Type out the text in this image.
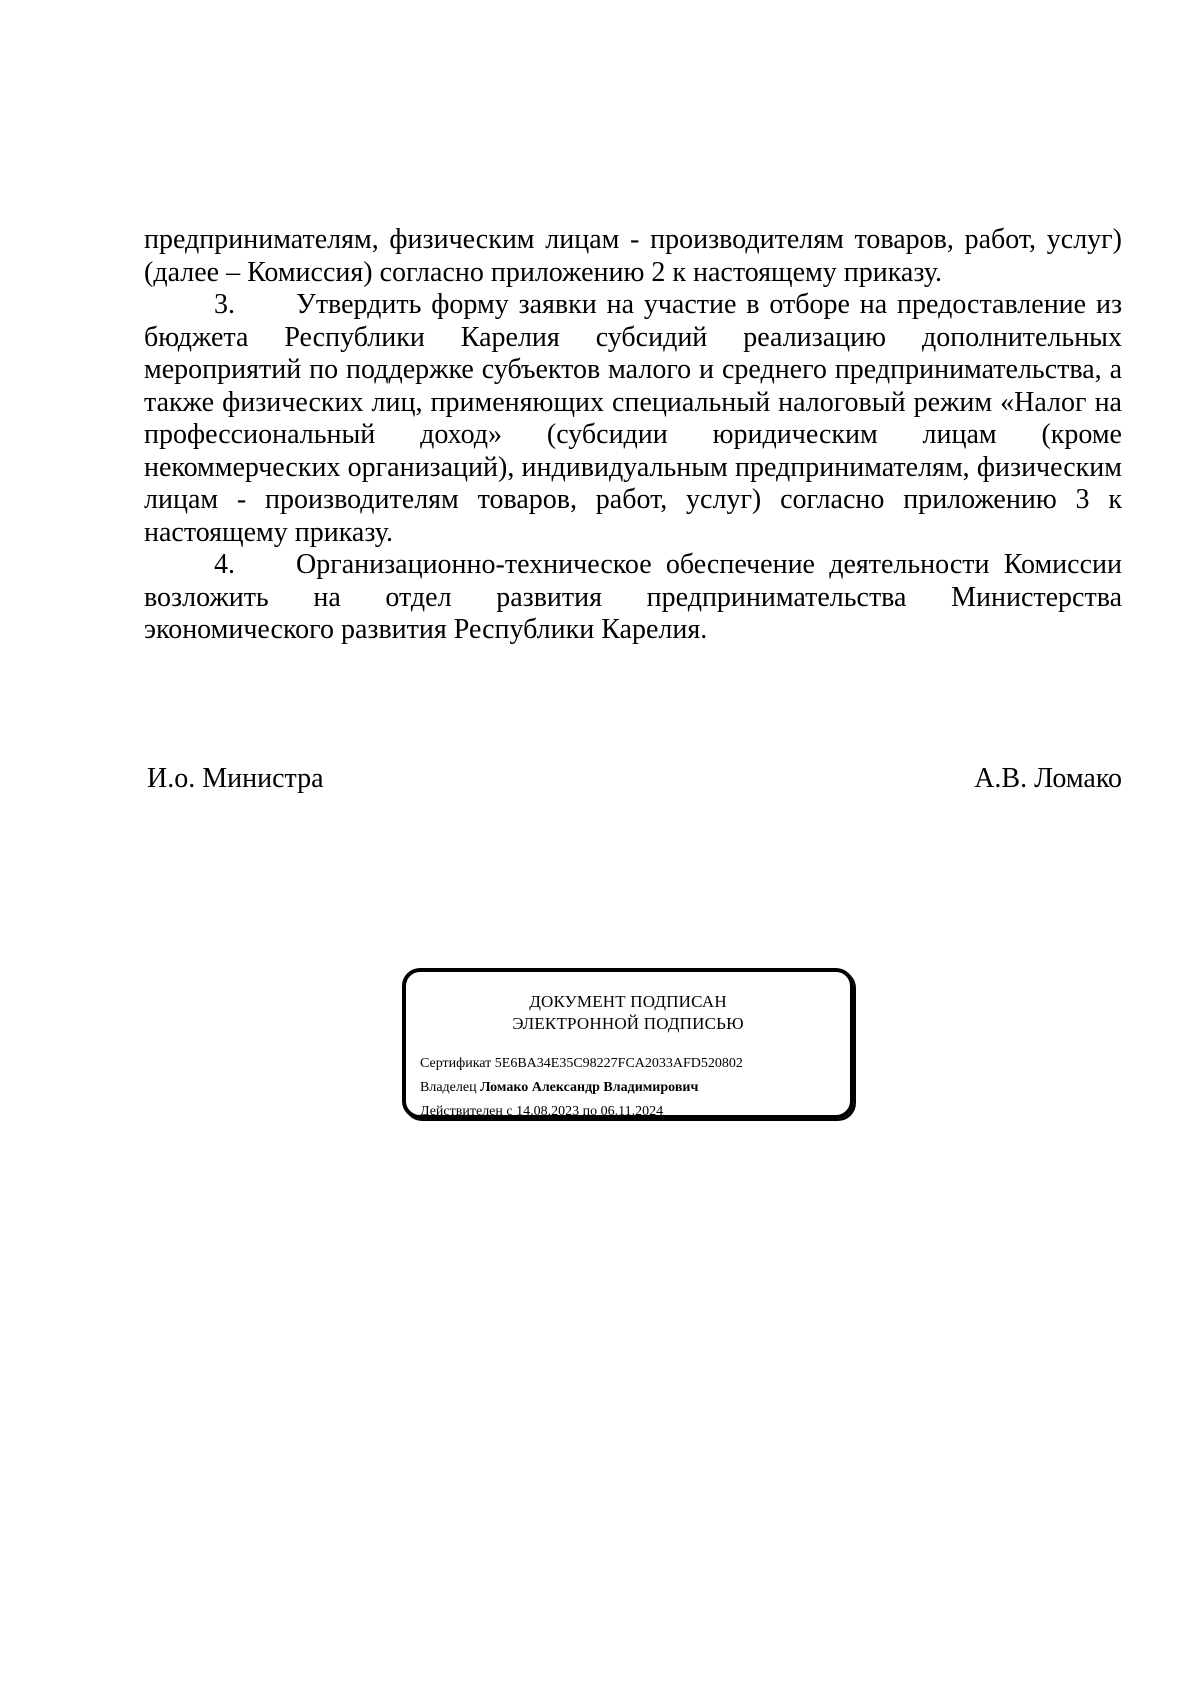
предпринимателям, физическим лицам - производителям товаров, работ, услуг) (далее – Комиссия) согласно приложению 2 к настоящему приказу.

3. Утвердить форму заявки на участие в отборе на предоставление из бюджета Республики Карелия субсидий реализацию дополнительных мероприятий по поддержке субъектов малого и среднего предпринимательства, а также физических лиц, применяющих специальный налоговый режим «Налог на профессиональный доход» (субсидии юридическим лицам (кроме некоммерческих организаций), индивидуальным предпринимателям, физическим лицам - производителям товаров, работ, услуг) согласно приложению 3 к настоящему приказу.

4. Организационно-техническое обеспечение деятельности Комиссии возложить на отдел развития предпринимательства Министерства экономического развития Республики Карелия.

И.о. Министра	А.В. Ломако
ДОКУМЕНТ ПОДПИСАН
ЭЛЕКТРОННОЙ ПОДПИСЬЮ
Сертификат 5E6BA34E35C98227FCA2033AFD520802
Владелец Ломако Александр Владимирович
Действителен с 14.08.2023 по 06.11.2024
